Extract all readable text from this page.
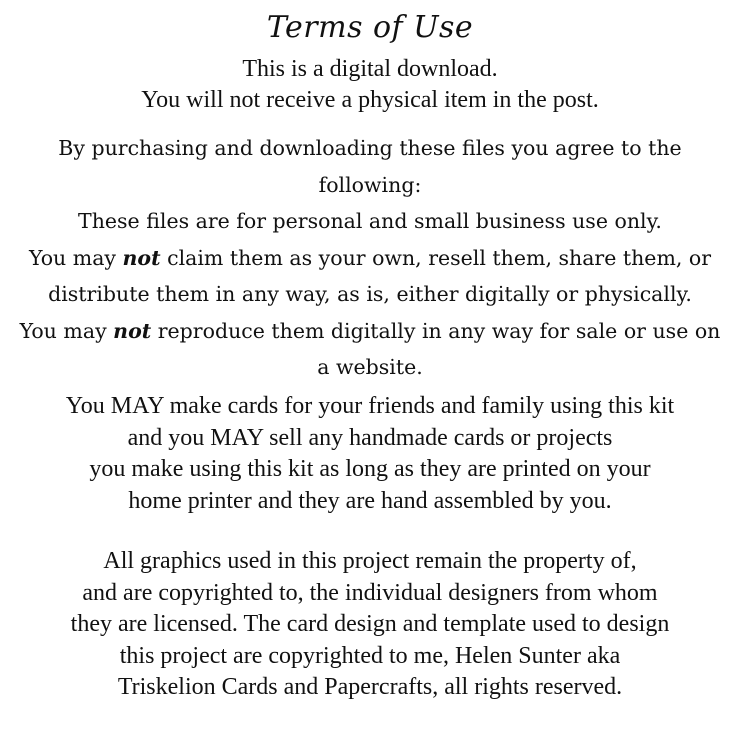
Terms of Use
This is a digital download.
You will not receive a physical item in the post.
By purchasing and downloading these files you agree to the
following:
These files are for personal and small business use only.
You may not claim them as your own, resell them, share them, or
distribute them in any way, as is, either digitally or physically.
You may not reproduce them digitally in any way for sale or use on
a website.
You MAY make cards for your friends and family using this kit
and you MAY sell any handmade cards or projects
you make using this kit as long as they are printed on your
home printer and they are hand assembled by you.
All graphics used in this project remain the property of,
and are copyrighted to, the individual designers from whom
they are licensed. The card design and template used to design
this project are copyrighted to me, Helen Sunter aka
Triskelion Cards and Papercrafts, all rights reserved.
